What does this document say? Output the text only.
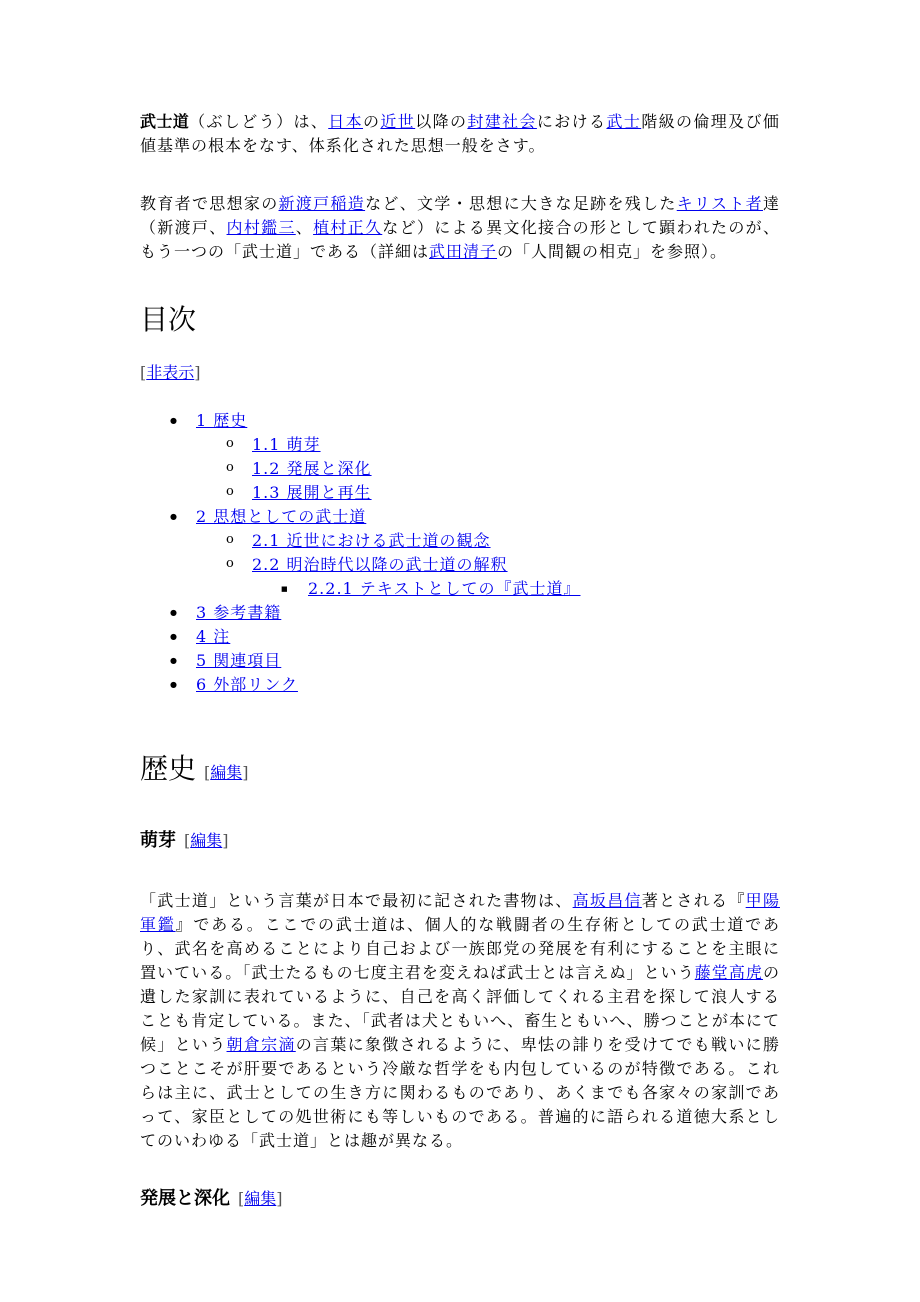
武士道（ぶしどう）は、日本の近世以降の封建社会における武士階級の倫理及び価値基準の根本をなす、体系化された思想一般をさす。

教育者で思想家の新渡戸稲造など、文学・思想に大きな足跡を残したキリスト者達（新渡戸、内村鑑三、植村正久など）による異文化接合の形として顕われたのが、もう一つの「武士道」である（詳細は武田清子の「人間観の相克」を参照）。

目次
[非表示]
● 1 歴史
o 1.1 萌芽
o 1.2 発展と深化
o 1.3 展開と再生
● 2 思想としての武士道
o 2.1 近世における武士道の観念
o 2.2 明治時代以降の武士道の解釈
■ 2.2.1 テキストとしての『武士道』
● 3 参考書籍
● 4 注
● 5 関連項目
● 6 外部リンク
歴史 [編集]
萌芽 [編集]

「武士道」という言葉が日本で最初に記された書物は、高坂昌信著とされる『甲陽軍鑑』である。ここでの武士道は、個人的な戦闘者の生存術としての武士道であり、武名を高めることにより自己および一族郎党の発展を有利にすることを主眼に置いている。「武士たるもの七度主君を変えねば武士とは言えぬ」という藤堂高虎の遺した家訓に表れているように、自己を高く評価してくれる主君を探して浪人することも肯定している。また、「武者は犬ともいへ、畜生ともいへ、勝つことが本にて候」という朝倉宗滴の言葉に象徴されるように、卑怯の誹りを受けてでも戦いに勝つことこそが肝要であるという冷厳な哲学をも内包しているのが特徴である。これらは主に、武士としての生き方に関わるものであり、あくまでも各家々の家訓であって、家臣としての処世術にも等しいものである。普遍的に語られる道徳大系としてのいわゆる「武士道」とは趣が異なる。

発展と深化 [編集]
